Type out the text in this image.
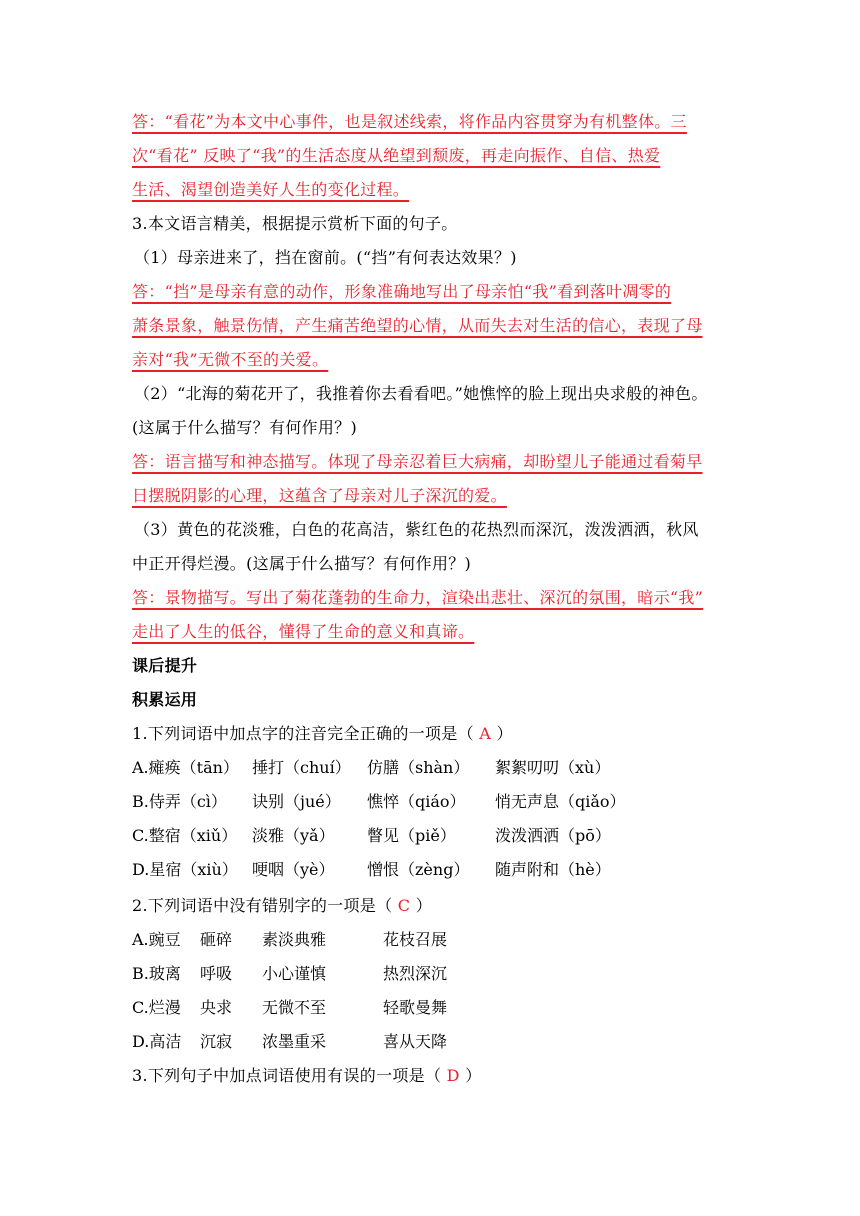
答：“看花”为本文中心事件，也是叙述线索，将作品内容贯穿为有机整体。三
次“看花” 反映了“我”的生活态度从绝望到颓废，再走向振作、自信、热爱
生活、渴望创造美好人生的变化过程。
3.本文语言精美，根据提示赏析下面的句子。
（1）母亲进来了，挡在窗前。(“挡”有何表达效果？)
答：“挡”是母亲有意的动作，形象准确地写出了母亲怕“我”看到落叶凋零的
萧条景象，触景伤情，产生痛苦绝望的心情，从而失去对生活的信心，表现了母
亲对“我”无微不至的关爱。
（2）“北海的菊花开了，我推着你去看看吧。”她憔悴的脸上现出央求般的神色。
(这属于什么描写？有何作用？)
答：语言描写和神态描写。体现了母亲忍着巨大病痛，却盼望儿子能通过看菊早
日摆脱阴影的心理，这蕴含了母亲对儿子深沉的爱。
（3）黄色的花淡雅，白色的花高洁，紫红色的花热烈而深沉，泼泼洒洒，秋风
中正开得烂漫。(这属于什么描写？有何作用？)
答：景物描写。写出了菊花蓬勃的生命力，渲染出悲壮、深沉的氛围，暗示“我”
走出了人生的低谷，懂得了生命的意义和真谛。
课后提升
积累运用
1.下列词语中加点字的注音完全正确的一项是（ A ）
A.瘫痪（tān） 捶打（chuí） 仿膳（shàn） 絮絮叨叨（xù）
B.侍弄（cì） 诀别（jué） 憔悴（qiáo） 悄无声息（qiǎo）
C.整宿（xiǔ） 淡雅（yǎ） 瞥见（piě） 泼泼洒洒（pō）
D.星宿（xiù） 哽咽（yè） 憎恨（zèng） 随声附和（hè）
2.下列词语中没有错别字的一项是（ C ）
A.豌豆 砸碎 素淡典雅	花枝召展
B.玻离 呼吸 小心谨慎	热烈深沉
C.烂漫 央求 无微不至	轻歌曼舞
D.高洁 沉寂 浓墨重采	喜从天降
3.下列句子中加点词语使用有误的一项是（ D ）
